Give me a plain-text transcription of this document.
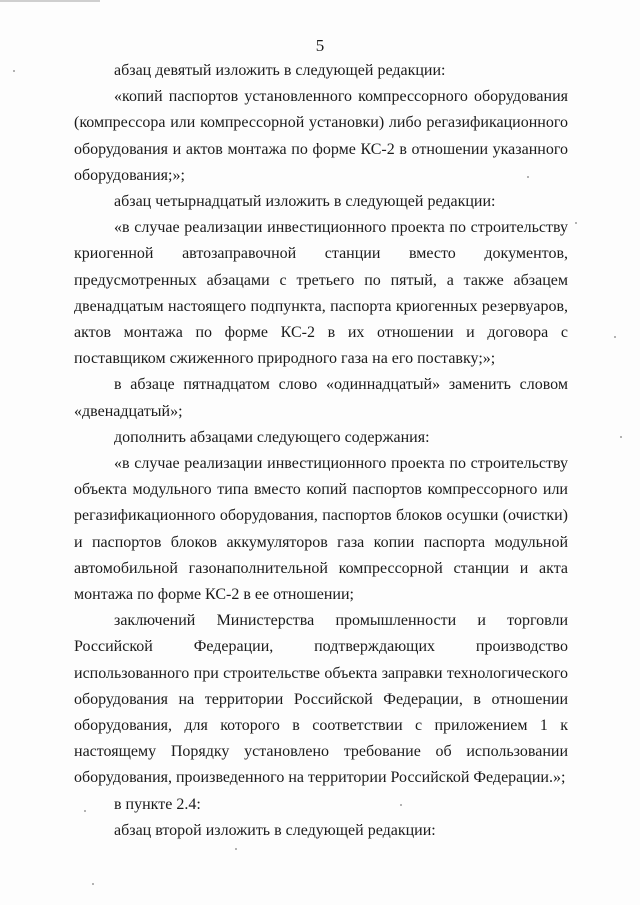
5

абзац девятый изложить в следующей редакции:

«копий паспортов установленного компрессорного оборудования (компрессора или компрессорной установки) либо регазификационного оборудования и актов монтажа по форме КС-2 в отношении указанного оборудования;»;

абзац четырнадцатый изложить в следующей редакции:

«в случае реализации инвестиционного проекта по строительству криогенной автозаправочной станции вместо документов, предусмотренных абзацами с третьего по пятый, а также абзацем двенадцатым настоящего подпункта, паспорта криогенных резервуаров, актов монтажа по форме КС-2 в их отношении и договора с поставщиком сжиженного природного газа на его поставку;»;

в абзаце пятнадцатом слово «одиннадцатый» заменить словом «двенадцатый»;

дополнить абзацами следующего содержания:

«в случае реализации инвестиционного проекта по строительству объекта модульного типа вместо копий паспортов компрессорного или регазификационного оборудования, паспортов блоков осушки (очистки) и паспортов блоков аккумуляторов газа копии паспорта модульной автомобильной газонаполнительной компрессорной станции и акта монтажа по форме КС-2 в ее отношении;

заключений Министерства промышленности и торговли Российской Федерации, подтверждающих производство использованного при строительстве объекта заправки технологического оборудования на территории Российской Федерации, в отношении оборудования, для которого в соответствии с приложением 1 к настоящему Порядку установлено требование об использовании оборудования, произведенного на территории Российской Федерации.»;

в пункте 2.4:

абзац второй изложить в следующей редакции:
